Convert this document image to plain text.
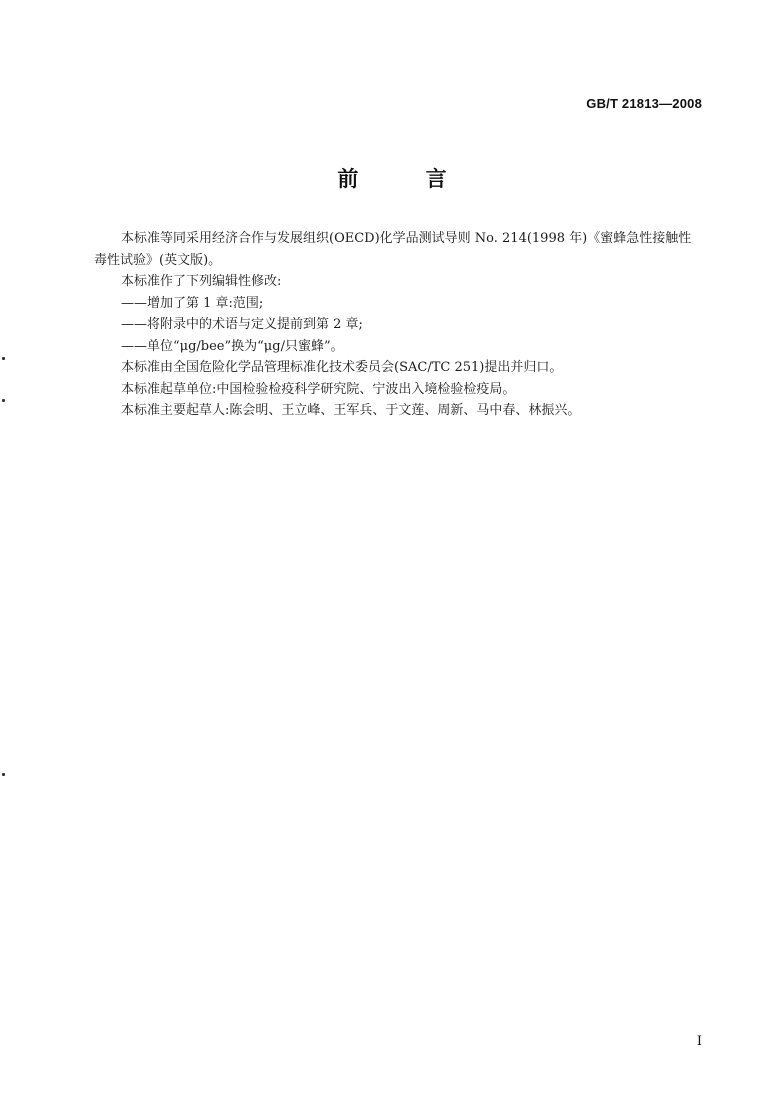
GB/T 21813—2008
前 言

本标准等同采用经济合作与发展组织(OECD)化学品测试导则 No. 214(1998 年)《蜜蜂急性接触性毒性试验》(英文版)。

本标准作了下列编辑性修改:

——增加了第 1 章:范围;

——将附录中的术语与定义提前到第 2 章;

——单位“μg/bee”换为“μg/只蜜蜂”。

本标准由全国危险化学品管理标准化技术委员会(SAC/TC 251)提出并归口。

本标准起草单位:中国检验检疫科学研究院、宁波出入境检验检疫局。

本标准主要起草人:陈会明、王立峰、王军兵、于文莲、周新、马中春、林振兴。

I
